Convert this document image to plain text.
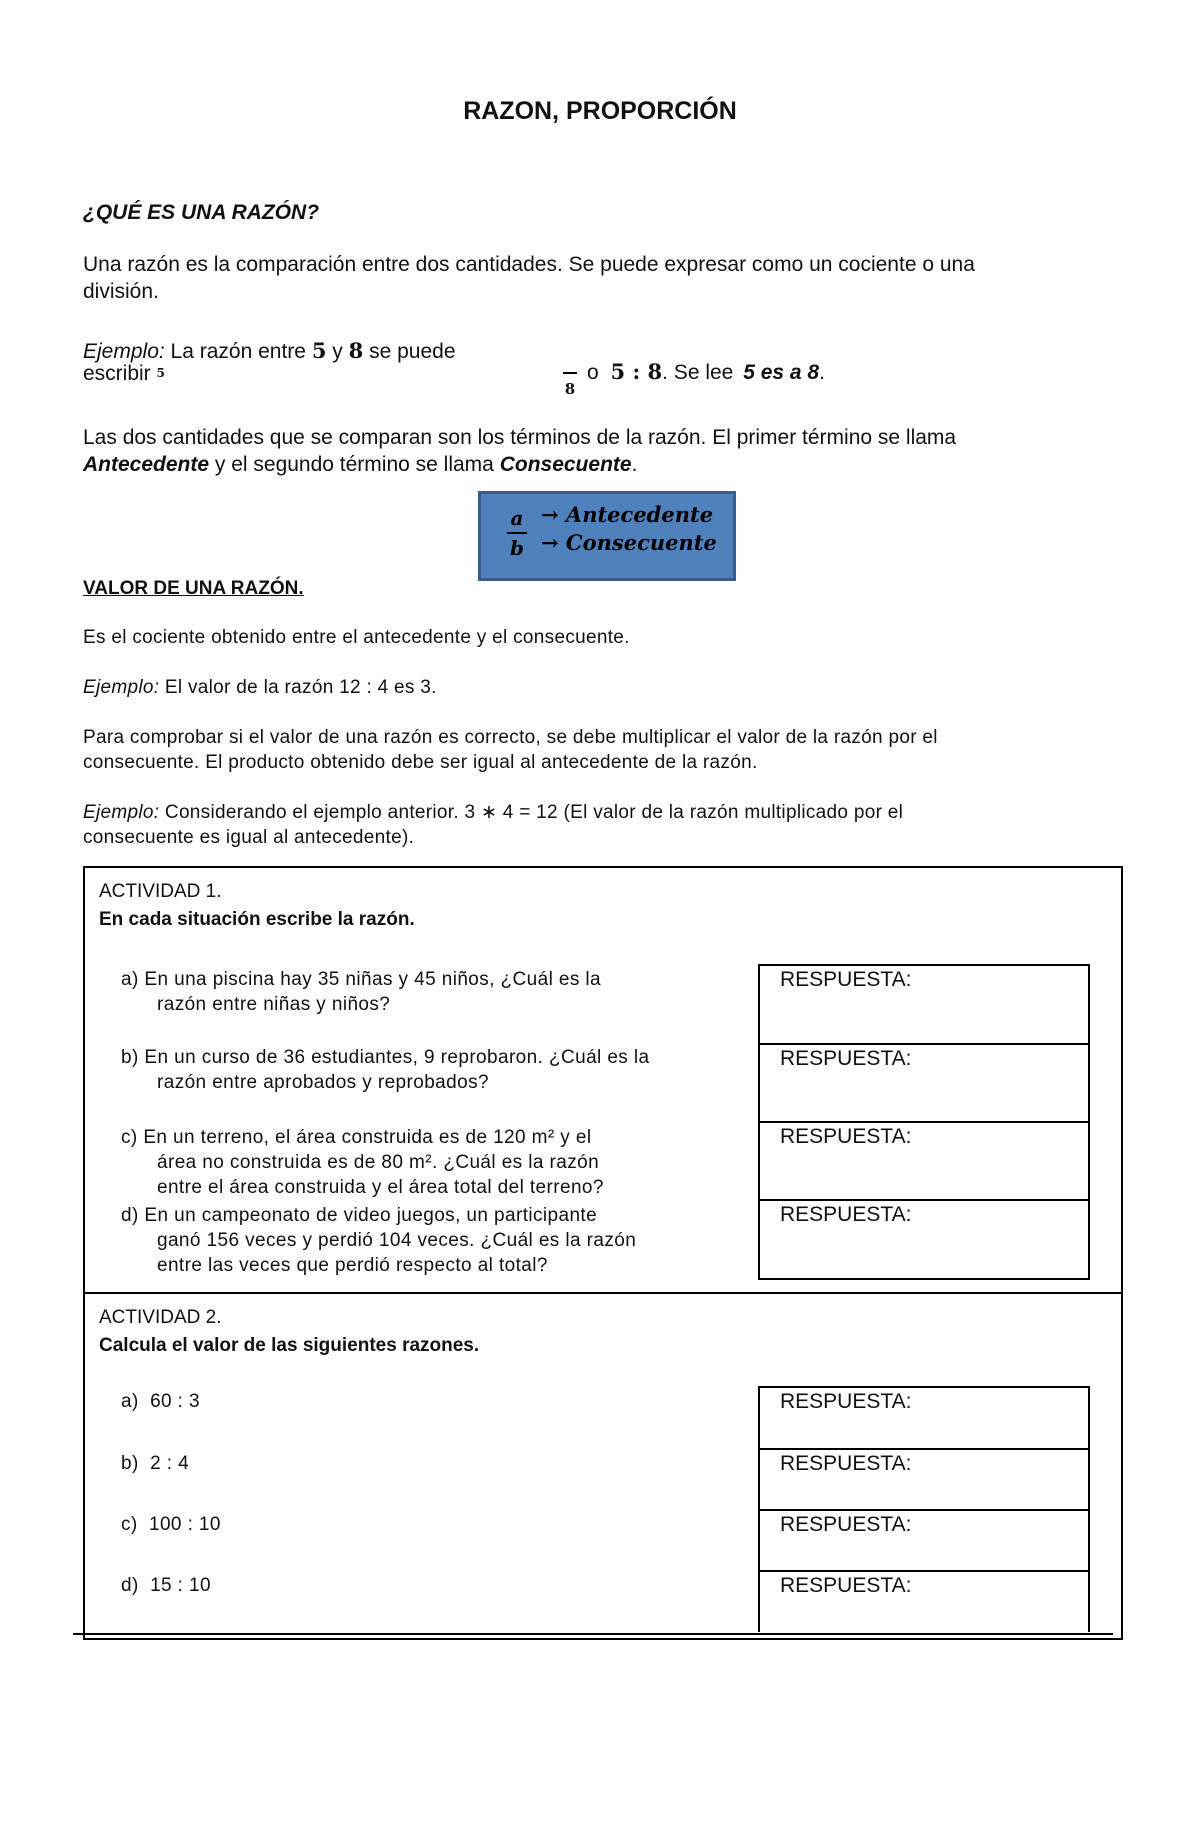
RAZON, PROPORCIÓN
¿QUÉ ES UNA RAZÓN?
Una razón es la comparación entre dos cantidades. Se puede expresar como un cociente o una
división.
Ejemplo: La razón entre 5 y 8 se puede
escribir $^5$
8
o 5 : 8. Se lee 5 es a 8.
Las dos cantidades que se comparan son los términos de la razón. El primer término se llama
Antecedente y el segundo término se llama Consecuente.
a
b
→ Antecedente
→ Consecuente
VALOR DE UNA RAZÓN.
Es el cociente obtenido entre el antecedente y el consecuente.
Ejemplo: El valor de la razón 12 : 4 es 3.
Para comprobar si el valor de una razón es correcto, se debe multiplicar el valor de la razón por el
consecuente. El producto obtenido debe ser igual al antecedente de la razón.
Ejemplo: Considerando el ejemplo anterior. 3 ∗ 4 = 12 (El valor de la razón multiplicado por el
consecuente es igual al antecedente).
ACTIVIDAD 1.
En cada situación escribe la razón.
a) En una piscina hay 35 niñas y 45 niños, ¿Cuál es la
razón entre niñas y niños?
b) En un curso de 36 estudiantes, 9 reprobaron. ¿Cuál es la
razón entre aprobados y reprobados?
c) En un terreno, el área construida es de 120 m² y el
área no construida es de 80 m². ¿Cuál es la razón
entre el área construida y el área total del terreno?
d) En un campeonato de video juegos, un participante
ganó 156 veces y perdió 104 veces. ¿Cuál es la razón
entre las veces que perdió respecto al total?
RESPUESTA:
RESPUESTA:
RESPUESTA:
RESPUESTA:
ACTIVIDAD 2.
Calcula el valor de las siguientes razones.
a) 60 : 3
b) 2 : 4
c) 100 : 10
d) 15 : 10
RESPUESTA:
RESPUESTA:
RESPUESTA:
RESPUESTA:
